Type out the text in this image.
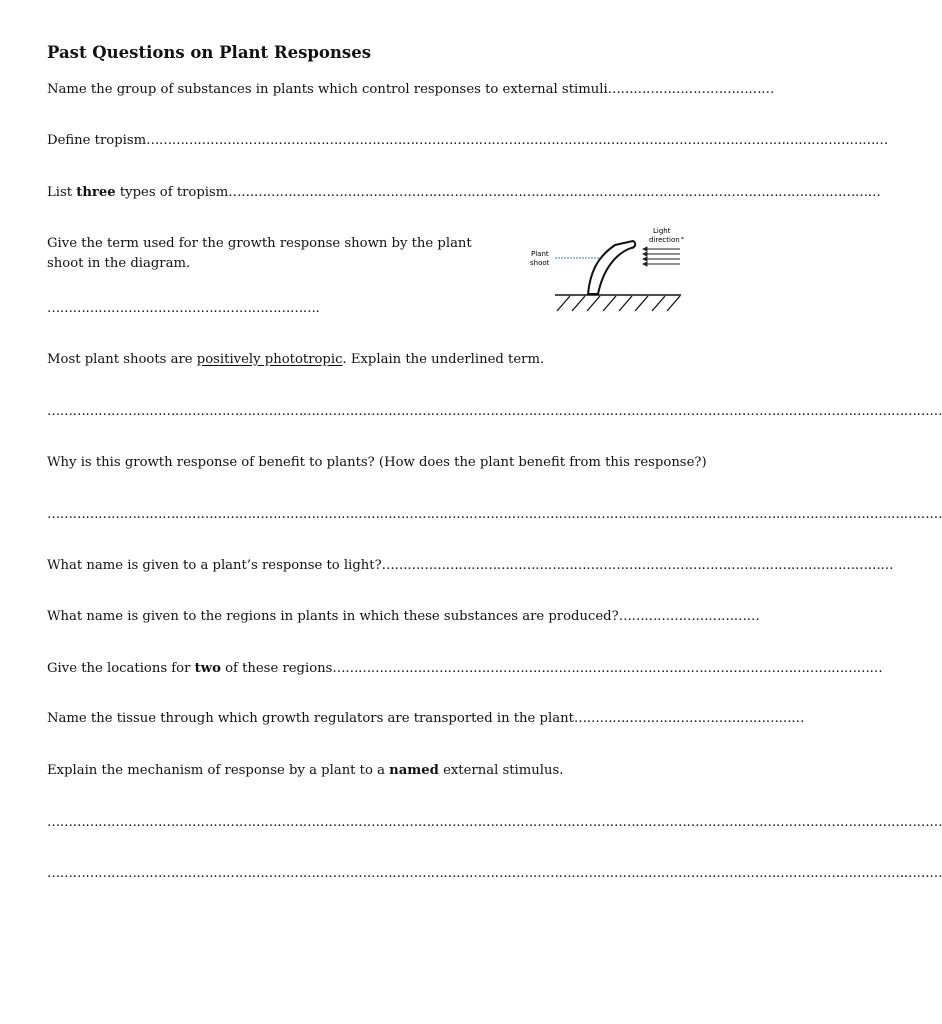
Past Questions on Plant Responses
Name the group of substances in plants which control responses to external stimuli…………………………………
Define tropism…………………………………………………………………………………………………………………………………………………………
List three types of tropism………………………………………………………………………………………………………………………………………
Give the term used for the growth response shown by the plant
shoot in the diagram.
……………………………………………………….
Plant
shoot
Light
direction *
Most plant shoots are positively phototropic. Explain the underlined term.
…………………………………………………………………………………………………………………………………………………………………………………………
Why is this growth response of benefit to plants? (How does the plant benefit from this response?)
…………………………………………………………………………………………………………………………………………………………………………………………
What name is given to a plant’s response to light?…………………………………………………………………………………………………………
What name is given to the regions in plants in which these substances are produced?……………………………
Give the locations for two of these regions…………………………………………………………………………………………………………………
Name the tissue through which growth regulators are transported in the plant………………………………………………
Explain the mechanism of response by a plant to a named external stimulus.
…………………………………………………………………………………………………………………………………………………………………………………………
…………………………………………………………………………………………………………………………………………………………………………………………
